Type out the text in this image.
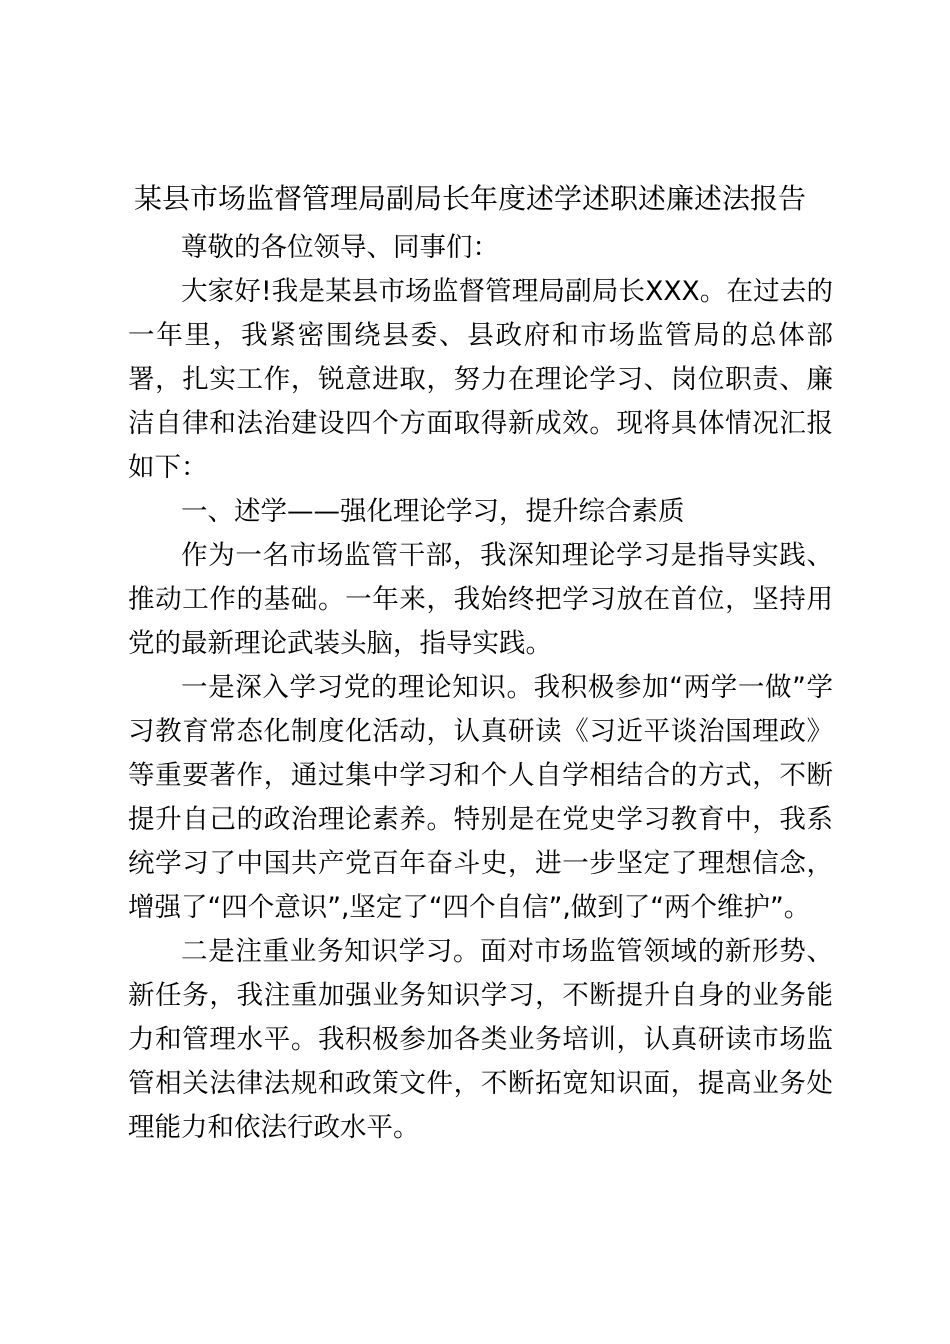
某县市场监督管理局副局长年度述学述职述廉述法报告

尊敬的各位领导、同事们：

大家好!我是某县市场监督管理局副局长XXX。在过去的一年里，我紧密围绕县委、县政府和市场监管局的总体部署，扎实工作，锐意进取，努力在理论学习、岗位职责、廉洁自律和法治建设四个方面取得新成效。现将具体情况汇报如下：

一、述学——强化理论学习，提升综合素质

作为一名市场监管干部，我深知理论学习是指导实践、推动工作的基础。一年来，我始终把学习放在首位，坚持用党的最新理论武装头脑，指导实践。

一是深入学习党的理论知识。我积极参加“两学一做”学习教育常态化制度化活动，认真研读《习近平谈治国理政》等重要著作，通过集中学习和个人自学相结合的方式，不断提升自己的政治理论素养。特别是在党史学习教育中，我系统学习了中国共产党百年奋斗史，进一步坚定了理想信念，增强了“四个意识”,坚定了“四个自信”,做到了“两个维护”。

二是注重业务知识学习。面对市场监管领域的新形势、新任务，我注重加强业务知识学习，不断提升自身的业务能力和管理水平。我积极参加各类业务培训，认真研读市场监管相关法律法规和政策文件，不断拓宽知识面，提高业务处理能力和依法行政水平。
